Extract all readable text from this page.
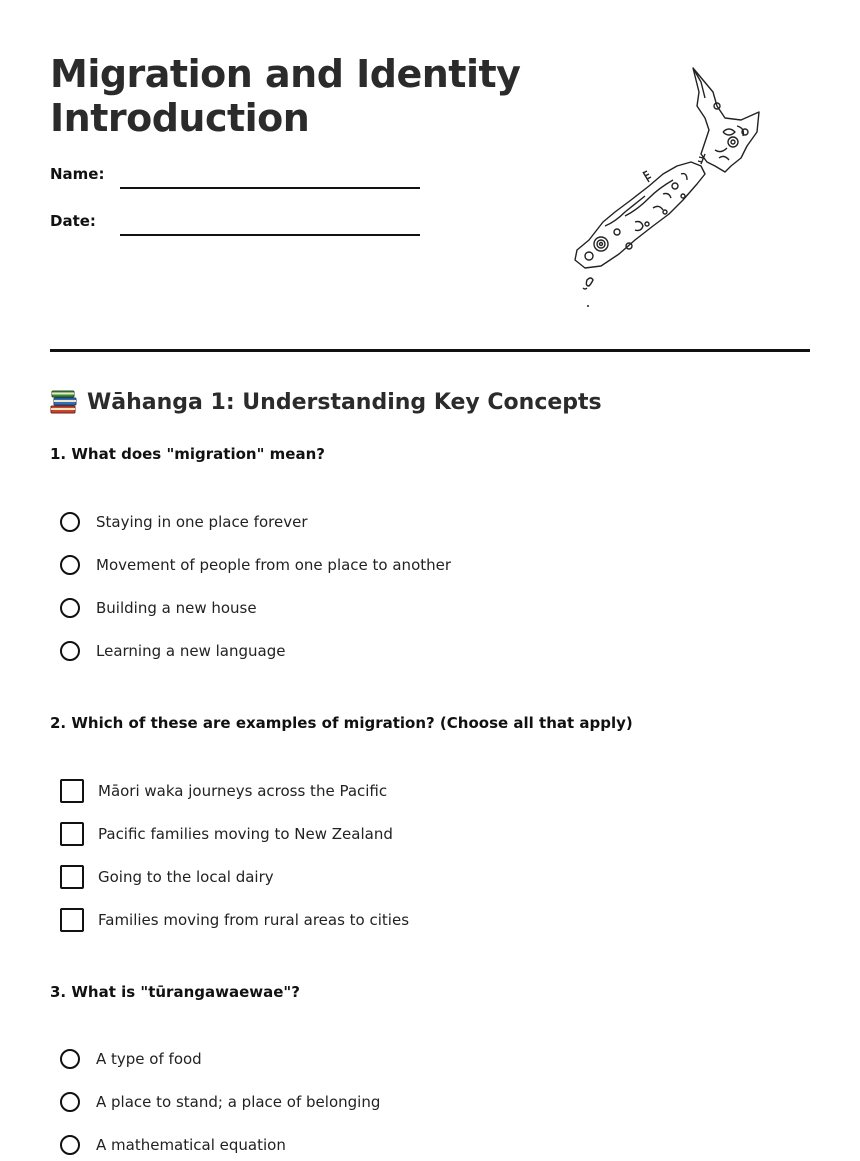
Migration and Identity
Introduction
Name:
Date:
Wāhanga 1: Understanding Key Concepts
1. What does "migration" mean?
Staying in one place forever
Movement of people from one place to another
Building a new house
Learning a new language
2. Which of these are examples of migration? (Choose all that apply)
Māori waka journeys across the Pacific
Pacific families moving to New Zealand
Going to the local dairy
Families moving from rural areas to cities
3. What is "tūrangawaewae"?
A type of food
A place to stand; a place of belonging
A mathematical equation
